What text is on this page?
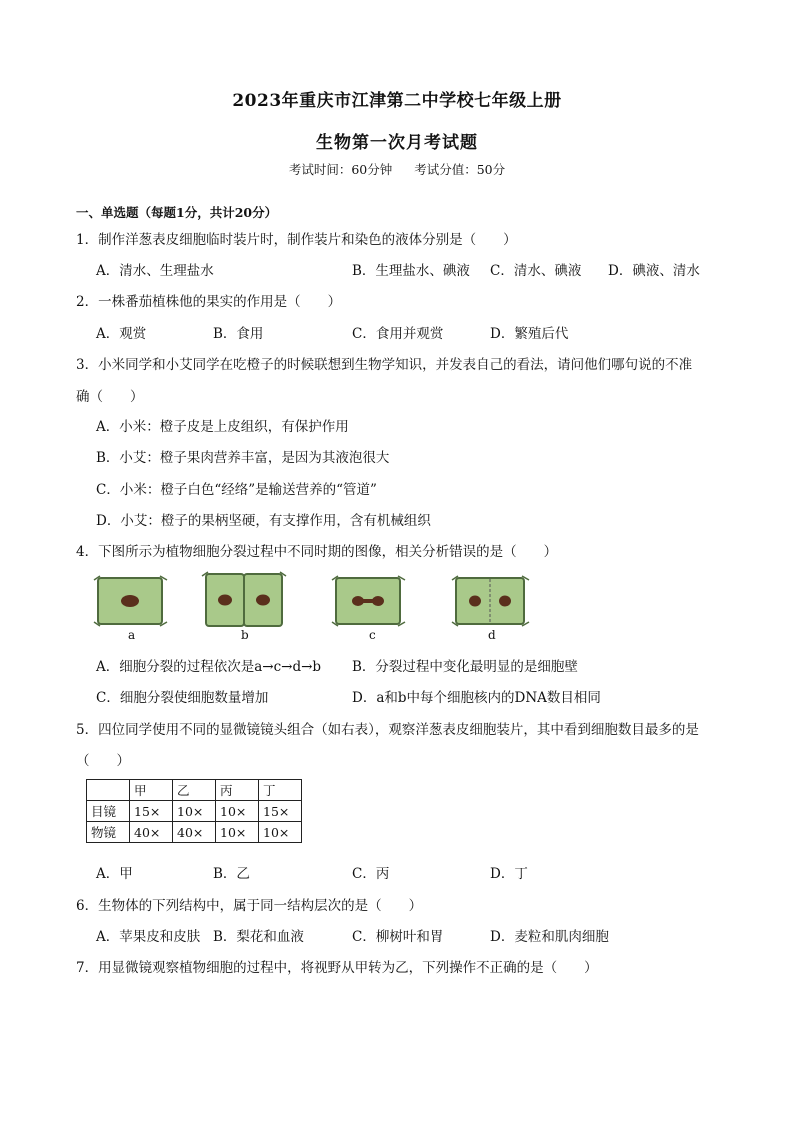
2023年重庆市江津第二中学校七年级上册
生物第一次月考试题
考试时间：60分钟 考试分值：50分
一、单选题（每题1分，共计20分）
1．制作洋葱表皮细胞临时装片时，制作装片和染色的液体分别是（　　）
A．清水、生理盐水	B．生理盐水、碘液 C．清水、碘液 D．碘液、清水
2．一株番茄植株他的果实的作用是（　　）
A．观赏	B．食用	C．食用并观赏	D．繁殖后代
3．小米同学和小艾同学在吃橙子的时候联想到生物学知识，并发表自己的看法，请问他们哪句说的不准
确（　　）
A．小米：橙子皮是上皮组织，有保护作用
B．小艾：橙子果肉营养丰富，是因为其液泡很大
C．小米：橙子白色“经络”是输送营养的“管道”
D．小艾：橙子的果柄坚硬，有支撑作用，含有机械组织
4．下图所示为植物细胞分裂过程中不同时期的图像，相关分析错误的是（　　）
a	b	c	d
A．细胞分裂的过程依次是a→c→d→b B．分裂过程中变化最明显的是细胞壁
C．细胞分裂使细胞数量增加	D．a和b中每个细胞核内的DNA数目相同
5．四位同学使用不同的显微镜镜头组合（如右表），观察洋葱表皮细胞装片，其中看到细胞数目最多的是
（　　）
	甲	乙	丙	丁
目镜	15×	10×	10×	15×
物镜	40×	40×	10×	10×
A．甲	B．乙	C．丙	D．丁
6．生物体的下列结构中，属于同一结构层次的是（　　）
A．苹果皮和皮肤 B．梨花和血液	C．柳树叶和胃	D．麦粒和肌肉细胞
7．用显微镜观察植物细胞的过程中，将视野从甲转为乙，下列操作不正确的是（　　）
